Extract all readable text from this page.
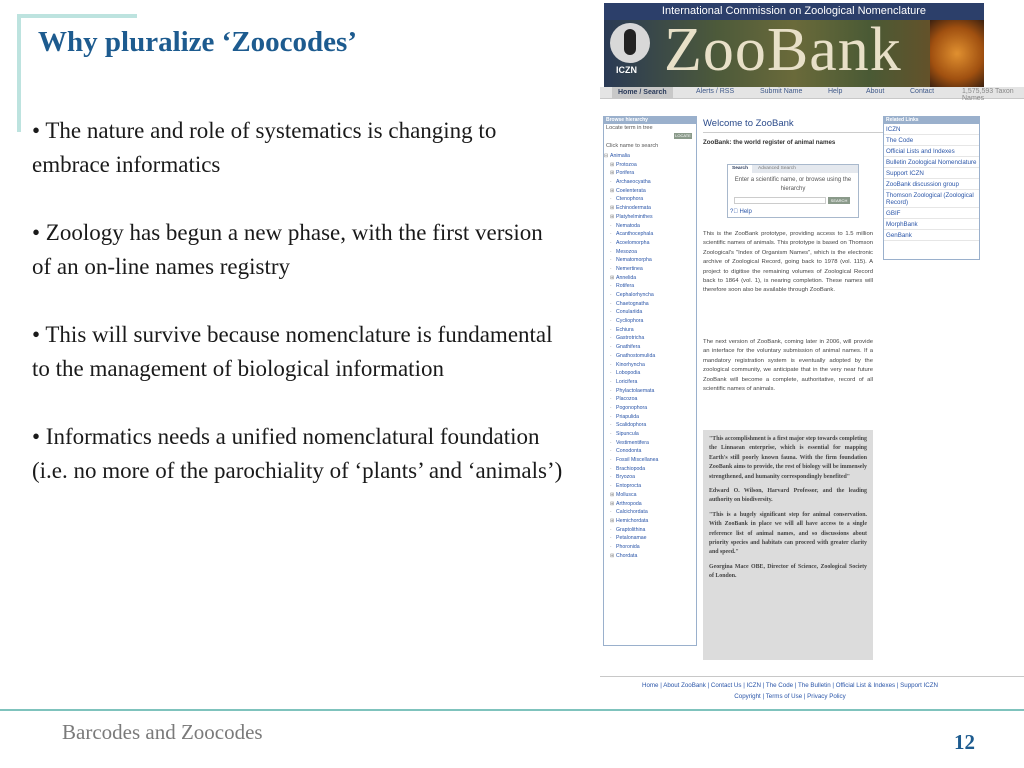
Why pluralize ‘Zoocodes’

• The nature and role of systematics is changing to embrace informatics

• Zoology has begun a new phase, with the first version of an on-line names registry

• This will survive because nomenclature is fundamental to the management of biological information

• Informatics needs a unified nomenclatural foundation (i.e. no more of the parochiality of ‘plants’ and ‘animals’)

International Commission on Zoological Nomenclature
ICZN ZooBank
Home / Search	Alerts / RSS	Submit Name	Help	About	Contact	1,575,593 Taxon Names
Browse hierarchy
Locate term in tree
LOCATE
Click name to search
⊟ Animalia
⊞ Protozoa
⊞ Porifera
· Archaeocyatha
⊞ Coelenterata
· Ctenophora
⊞ Echinodermata
⊞ Platyhelminthes
· Nematoda
· Acanthocephala
· Acoelomorpha
· Mesozoa
· Nematomorpha
· Nemertinea
⊞ Annelida
· Rotifera
· Cephalorhyncha
· Chaetognatha
· Conulariida
· Cycliophora
· Echiura
· Gastrotricha
· Gnathifera
· Gnathostomulida
· Kinorhyncha
· Lobopodia
· Loricifera
· Phylactolaemata
· Placozoa
· Pogonophora
· Priapulida
· Scalidophora
· Sipuncula
· Vestimentifera
· Conodonta
· Fossil Miscellanea
· Brachiopoda
· Bryozoa
· Entoprocta
⊞ Mollusca
⊞ Arthropoda
· Calcichordata
⊞ Hemichordata
· Graptolithina
· Petalonamae
· Phoronida
⊞ Chordata
Welcome to ZooBank
ZooBank: the world register of animal names
Search	Advanced Search
Enter a scientific name, or browse using the hierarchy
SEARCH
?⃞ Help
This is the ZooBank prototype, providing access to 1.5 million scientific names of animals. This prototype is based on Thomson Zoological's "Index of Organism Names", which is the electronic archive of Zoological Record, going back to 1978 (vol. 115). A project to digitise the remaining volumes of Zoological Record back to 1864 (vol. 1), is nearing completion. These names will therefore soon also be available through ZooBank.
The next version of ZooBank, coming later in 2006, will provide an interface for the voluntary submission of animal names. If a mandatory registration system is eventually adopted by the zoological community, we anticipate that in the very near future ZooBank will become a complete, authoritative, record of all scientific names of animals.
"This accomplishment is a first major step towards completing the Linnaean enterprise, which is essential for mapping Earth's still poorly known fauna. With the firm foundation ZooBank aims to provide, the rest of biology will be immensely strengthened, and humanity correspondingly benefited"
Edward O. Wilson, Harvard Professor, and the leading authority on biodiversity.
"This is a hugely significant step for animal conservation. With ZooBank in place we will all have access to a single reference list of animal names, and so discussions about priority species and habitats can proceed with greater clarity and speed."
Georgina Mace OBE, Director of Science, Zoological Society of London.
Related Links
ICZN
The Code
Official Lists and Indexes
Bulletin Zoological Nomenclature
Support ICZN
ZooBank discussion group
Thomson Zoological (Zoological Record)
GBIF
MorphBank
GenBank
Home | About ZooBank | Contact Us | ICZN | The Code | The Bulletin | Official List & Indexes | Support ICZN
Copyright | Terms of Use | Privacy Policy
Barcodes and Zoocodes	12
